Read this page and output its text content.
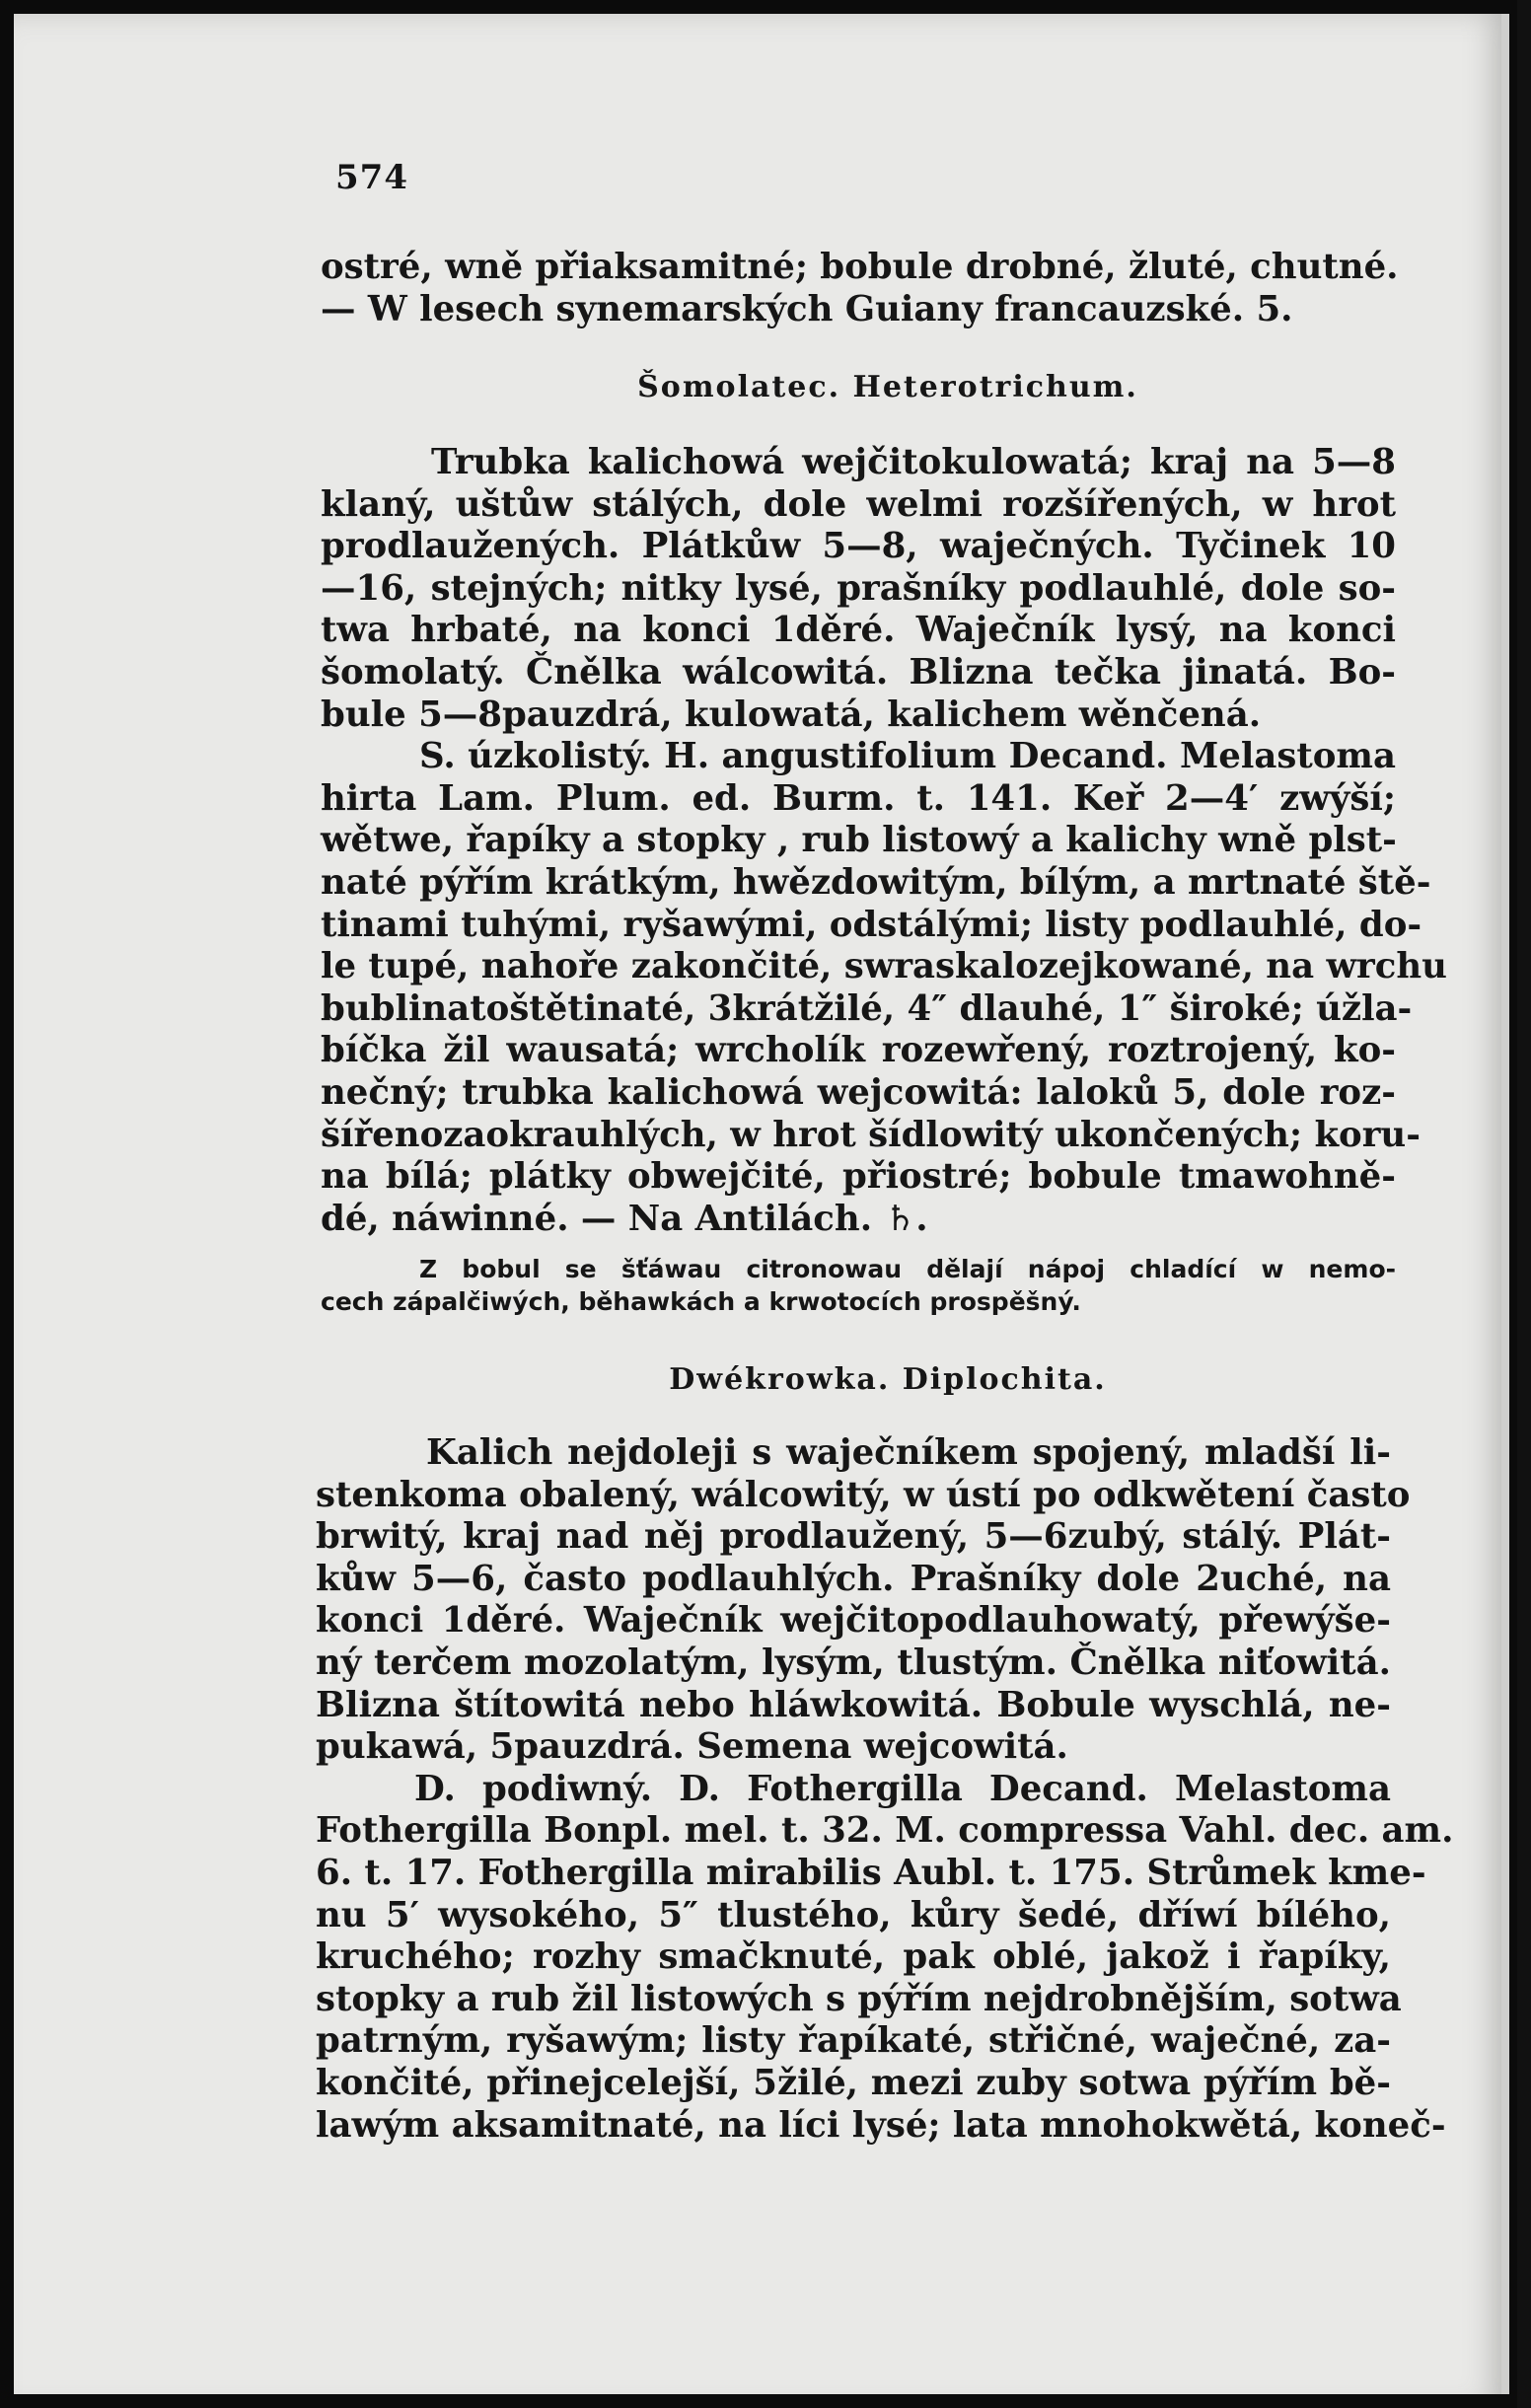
574
ostré, wně přiaksamitné; bobule drobné, žluté, chutné.
— W lesech synemarských Guiany francauzské. 5.
Šomolatec. Heterotrichum.
Trubka kalichowá wejčitokulowatá; kraj na 5—8
klaný, uštůw stálých, dole welmi rozšířených, w hrot
prodlaužených. Plátkůw 5—8, waječných. Tyčinek 10
—16, stejných; nitky lysé, prašníky podlauhlé, dole so-
twa hrbaté, na konci 1děré. Waječník lysý, na konci
šomolatý. Čnělka wálcowitá. Blizna tečka jinatá. Bo-
bule 5—8pauzdrá, kulowatá, kalichem wěnčená.
S. úzkolistý. H. angustifolium Decand. Melastoma
hirta Lam. Plum. ed. Burm. t. 141. Keř 2—4′ zwýší;
wětwe, řapíky a stopky , rub listowý a kalichy wně plst-
naté pýřím krátkým, hwězdowitým, bílým, a mrtnaté ště-
tinami tuhými, ryšawými, odstálými; listy podlauhlé, do-
le tupé, nahoře zakončité, swraskalozejkowané, na wrchu
bublinatoštětinaté, 3krátžilé, 4″ dlauhé, 1″ široké; úžla-
bíčka žil wausatá; wrcholík rozewřený, roztrojený, ko-
nečný; trubka kalichowá wejcowitá: laloků 5, dole roz-
šířenozaokrauhlých, w hrot šídlowitý ukončených; koru-
na bílá; plátky obwejčité, přiostré; bobule tmawohně-
dé, náwinné. — Na Antilách. ♄.
Z bobul se šťáwau citronowau dělají nápoj chladící w nemo-
cech zápalčiwých, běhawkách a krwotocích prospěšný.
Dwékrowka. Diplochita.
Kalich nejdoleji s waječníkem spojený, mladší li-
stenkoma obalený, wálcowitý, w ústí po odkwětení často
brwitý, kraj nad něj prodlaužený, 5—6zubý, stálý. Plát-
kůw 5—6, často podlauhlých. Prašníky dole 2uché, na
konci 1děré. Waječník wejčitopodlauhowatý, přewýše-
ný terčem mozolatým, lysým, tlustým. Čnělka niťowitá.
Blizna štítowitá nebo hláwkowitá. Bobule wyschlá, ne-
pukawá, 5pauzdrá. Semena wejcowitá.
D. podiwný. D. Fothergilla Decand. Melastoma
Fothergilla Bonpl. mel. t. 32. M. compressa Vahl. dec. am.
6. t. 17. Fothergilla mirabilis Aubl. t. 175. Strůmek kme-
nu 5′ wysokého, 5″ tlustého, kůry šedé, dříwí bílého,
kruchého; rozhy smačknuté, pak oblé, jakož i řapíky,
stopky a rub žil listowých s pýřím nejdrobnějším, sotwa
patrným, ryšawým; listy řapíkaté, střičné, waječné, za-
končité, přinejcelejší, 5žilé, mezi zuby sotwa pýřím bě-
lawým aksamitnaté, na líci lysé; lata mnohokwětá, koneč-
